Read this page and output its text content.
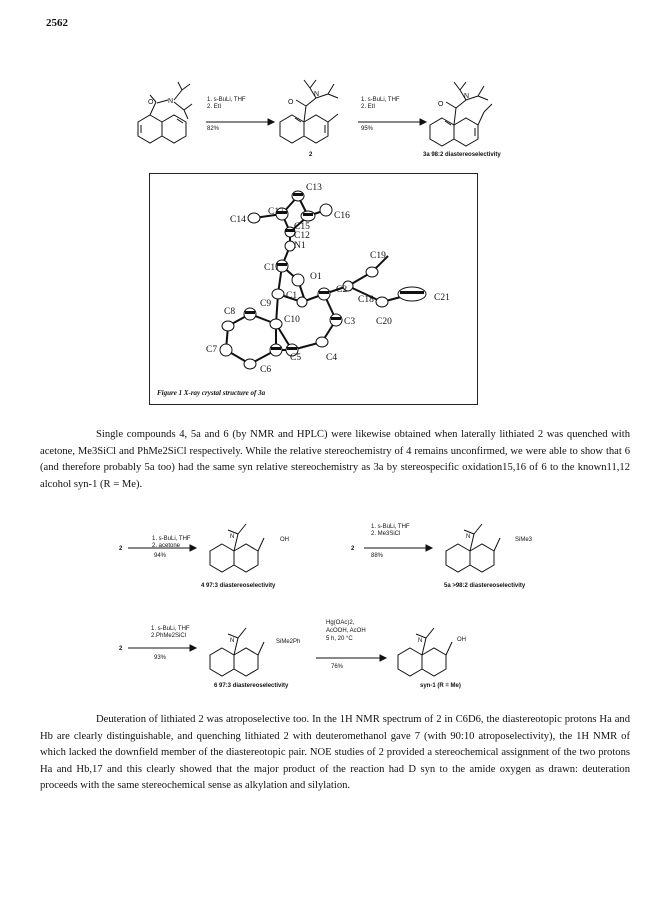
2562
O N	O
N
O
N
1. s-BuLi, THF
2. EtI
82%
1. s-BuLi, THF
2. EtI
95%
2	3a 98:2 diastereoselectivity
C13
C14
C17
C15
C16
C12
N1
C19
C11
O1
C2
C1	C21
C18
C8
C9
C10	C3 C20
C7
C5	C4
C6
Figure 1 X-ray crystal structure of 3a

Single compounds 4, 5a and 6 (by NMR and HPLC) were likewise obtained when laterally lithiated 2 was quenched with acetone, Me3SiCl and PhMe2SiCl respectively. While the relative stereochemistry of 4 remains unconfirmed, we were able to show that 6 (and therefore probably 5a too) had the same syn relative stereochemistry as 3a by stereospecific oxidation15,16 of 6 to the known11,12 alcohol syn-1 (R = Me).

N	N
N	N
1. s-BuLi, THF
2. acetone
94%
2
OH
4 97:3 diastereoselectivity
1. s-BuLi, THF
2. Me3SiCl
88%
2
SiMe3
5a >98:2 diastereoselectivity
1. s-BuLi, THF
2.PhMe2SiCl
93%
2
SiMe2Ph
6 97:3 diastereoselectivity
Hg(OAc)2,
AcOOH, AcOH
5 h, 20 °C
76%
OH
syn-1 (R = Me)

Deuteration of lithiated 2 was atroposelective too. In the 1H NMR spectrum of 2 in C6D6, the diastereotopic protons Ha and Hb are clearly distinguishable, and quenching lithiated 2 with deuteromethanol gave 7 (with 90:10 atroposelectivity), the 1H NMR of which lacked the downfield member of the diastereotopic pair. NOE studies of 2 provided a stereochemical assignment of the two protons Ha and Hb,17 and this clearly showed that the major product of the reaction had D syn to the amide oxygen as drawn: deuteration proceeds with the same stereochemical sense as alkylation and silylation.
